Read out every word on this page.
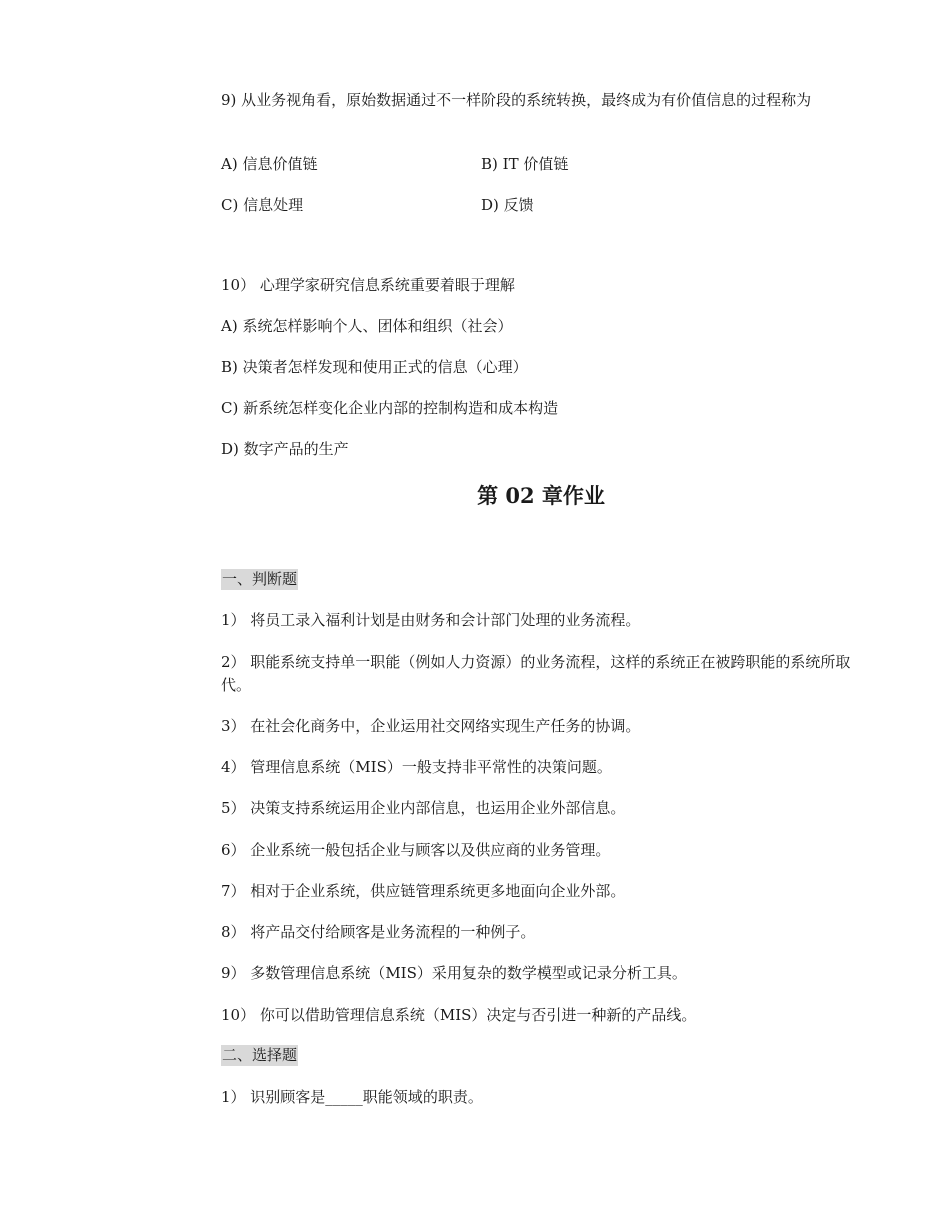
9) 从业务视角看，原始数据通过不一样阶段的系统转换，最终成为有价值信息的过程称为
A) 信息价值链	B) IT 价值链
C) 信息处理	D) 反馈
10） 心理学家研究信息系统重要着眼于理解
A) 系统怎样影响个人、团体和组织（社会）
B) 决策者怎样发现和使用正式的信息（心理）
C) 新系统怎样变化企业内部的控制构造和成本构造
D) 数字产品的生产
第 02 章作业
一、判断题
1） 将员工录入福利计划是由财务和会计部门处理的业务流程。
2） 职能系统支持单一职能（例如人力资源）的业务流程，这样的系统正在被跨职能的系统所取代。
3） 在社会化商务中，企业运用社交网络实现生产任务的协调。
4） 管理信息系统（MIS）一般支持非平常性的决策问题。
5） 决策支持系统运用企业内部信息，也运用企业外部信息。
6） 企业系统一般包括企业与顾客以及供应商的业务管理。
7） 相对于企业系统，供应链管理系统更多地面向企业外部。
8） 将产品交付给顾客是业务流程的一种例子。
9） 多数管理信息系统（MIS）采用复杂的数学模型或记录分析工具。
10） 你可以借助管理信息系统（MIS）决定与否引进一种新的产品线。
二、选择题
1） 识别顾客是_____职能领域的职责。
